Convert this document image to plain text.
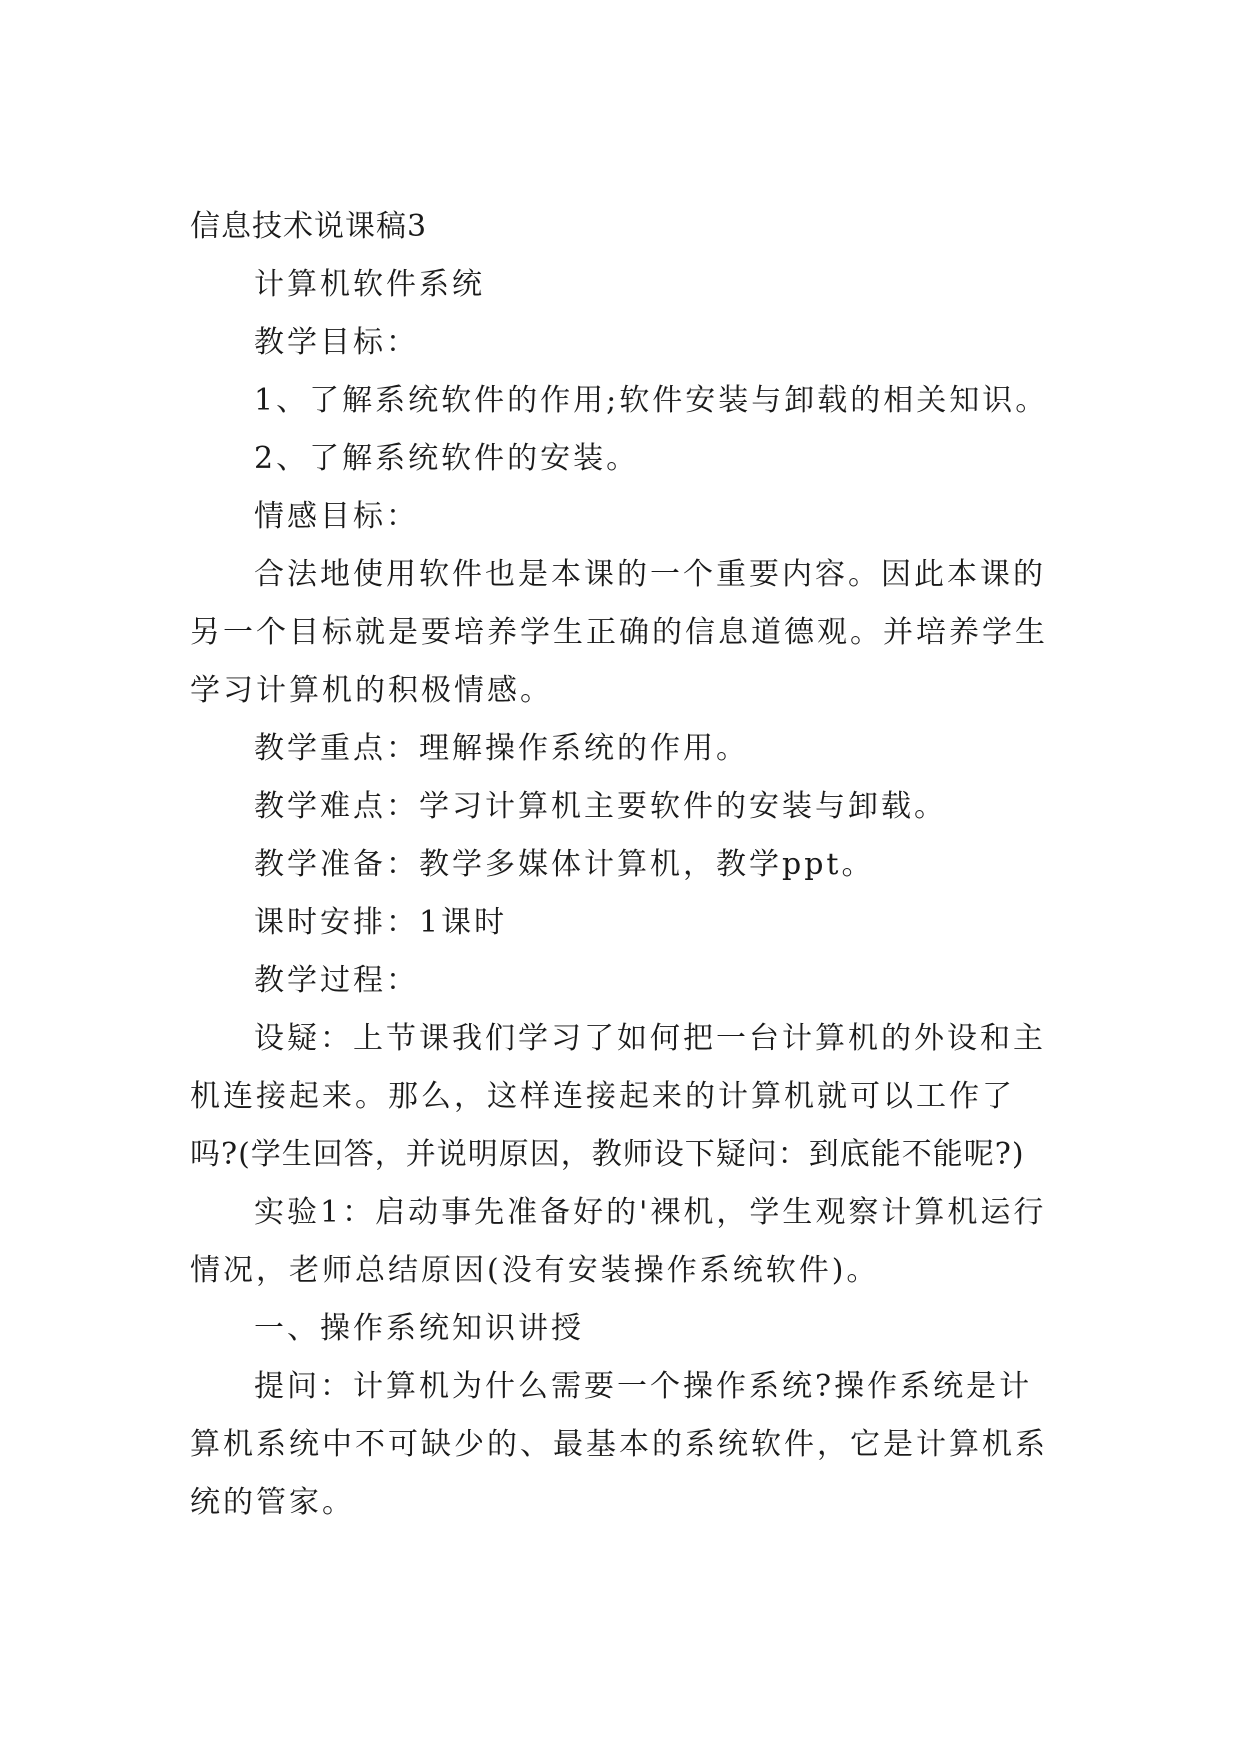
信息技术说课稿3
计算机软件系统
教学目标：
1、了解系统软件的作用;软件安装与卸载的相关知识。
2、了解系统软件的安装。
情感目标：
合法地使用软件也是本课的一个重要内容。因此本课的
另一个目标就是要培养学生正确的信息道德观。并培养学生
学习计算机的积极情感。
教学重点：理解操作系统的作用。
教学难点：学习计算机主要软件的安装与卸载。
教学准备：教学多媒体计算机，教学ppt。
课时安排：1课时
教学过程：
设疑：上节课我们学习了如何把一台计算机的外设和主
机连接起来。那么，这样连接起来的计算机就可以工作了
吗?(学生回答，并说明原因，教师设下疑问：到底能不能呢?)
实验1：启动事先准备好的'裸机，学生观察计算机运行
情况，老师总结原因(没有安装操作系统软件)。
一、操作系统知识讲授
提问：计算机为什么需要一个操作系统?操作系统是计
算机系统中不可缺少的、最基本的系统软件，它是计算机系
统的管家。
